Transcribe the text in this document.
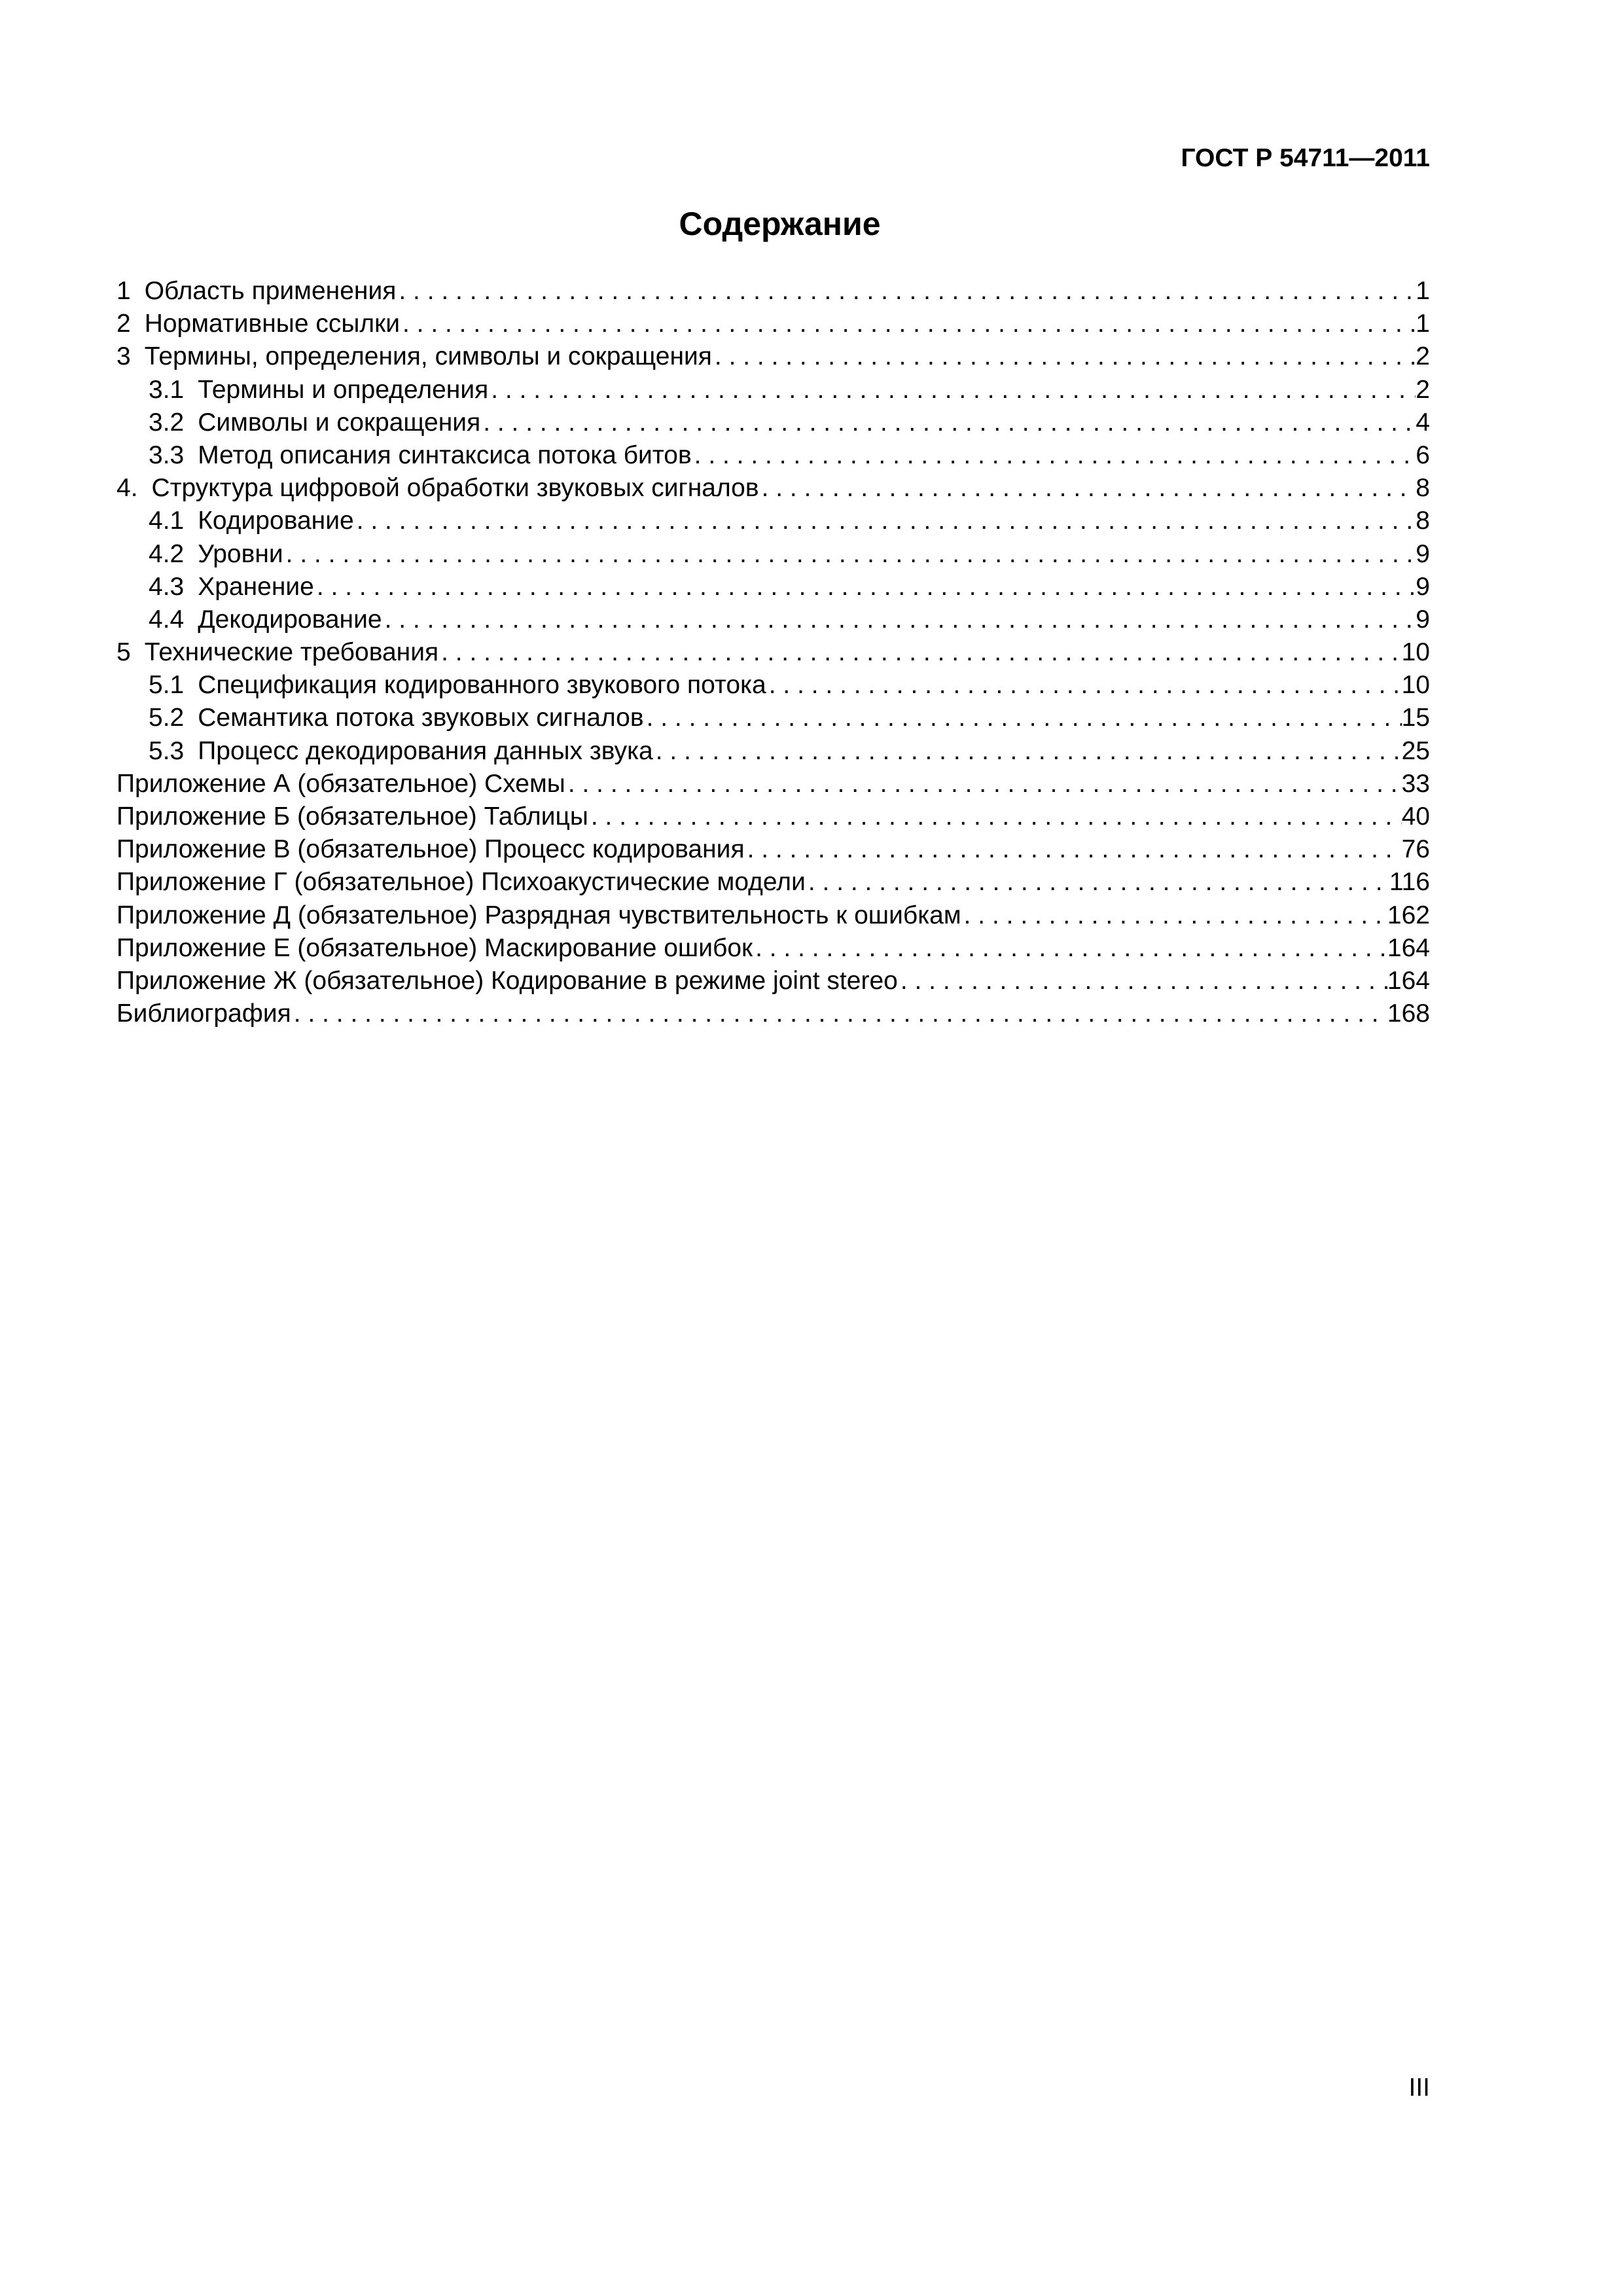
ГОСТ Р 54711—2011
Содержание
1 Область применения . . .	1
2 Нормативные ссылки . . .	1
3 Термины, определения, символы и сокращения . . .	2
3.1 Термины и определения . . .	2
3.2 Символы и сокращения . . .	4
3.3 Метод описания синтаксиса потока битов . . .	6
4. Структура цифровой обработки звуковых сигналов . . .	8
4.1 Кодирование . . .	8
4.2 Уровни . . .	9
4.3 Хранение . . .	9
4.4 Декодирование . . .	9
5 Технические требования . . .	10
5.1 Спецификация кодированного звукового потока . . .	10
5.2 Семантика потока звуковых сигналов . . .	15
5.3 Процесс декодирования данных звука . . .	25
Приложение А (обязательное) Схемы . . .	33
Приложение Б (обязательное) Таблицы . . .	40
Приложение В (обязательное) Процесс кодирования . . .	76
Приложение Г (обязательное) Психоакустические модели . . .	116
Приложение Д (обязательное) Разрядная чувствительность к ошибкам . . .	162
Приложение Е (обязательное) Маскирование ошибок . . .	164
Приложение Ж (обязательное) Кодирование в режиме joint stereo . . .	164
Библиография . . .	168
III
